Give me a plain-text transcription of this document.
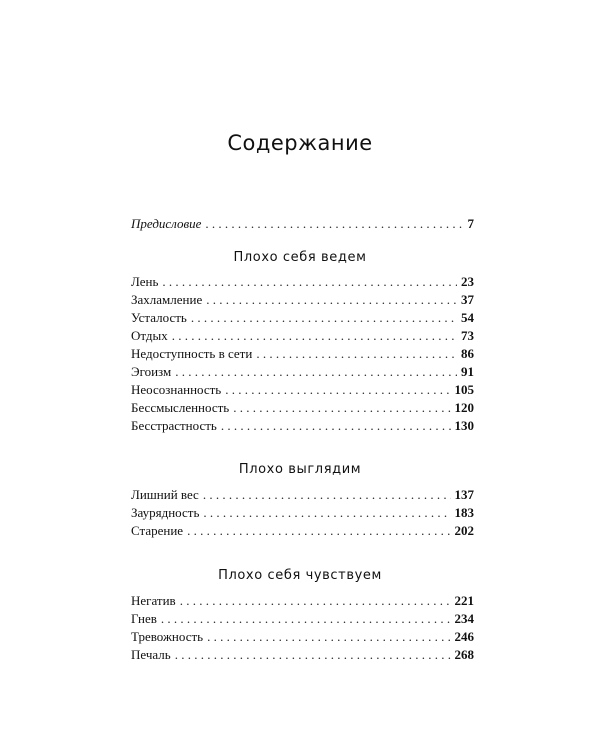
Содержание
Предисловие . . .	7
Плохо себя ведем
Лень . . .	23
Захламление . . .	37
Усталость . . .	54
Отдых . . .	73
Недоступность в сети . . .	86
Эгоизм . . .	91
Неосознанность . . .	105
Бессмысленность . . .	120
Бесстрастность . . .	130
Плохо выглядим
Лишний вес . . .	137
Заурядность . . .	183
Старение . . .	202
Плохо себя чувствуем
Негатив . . .	221
Гнев . . .	234
Тревожность . . .	246
Печаль . . .	268
